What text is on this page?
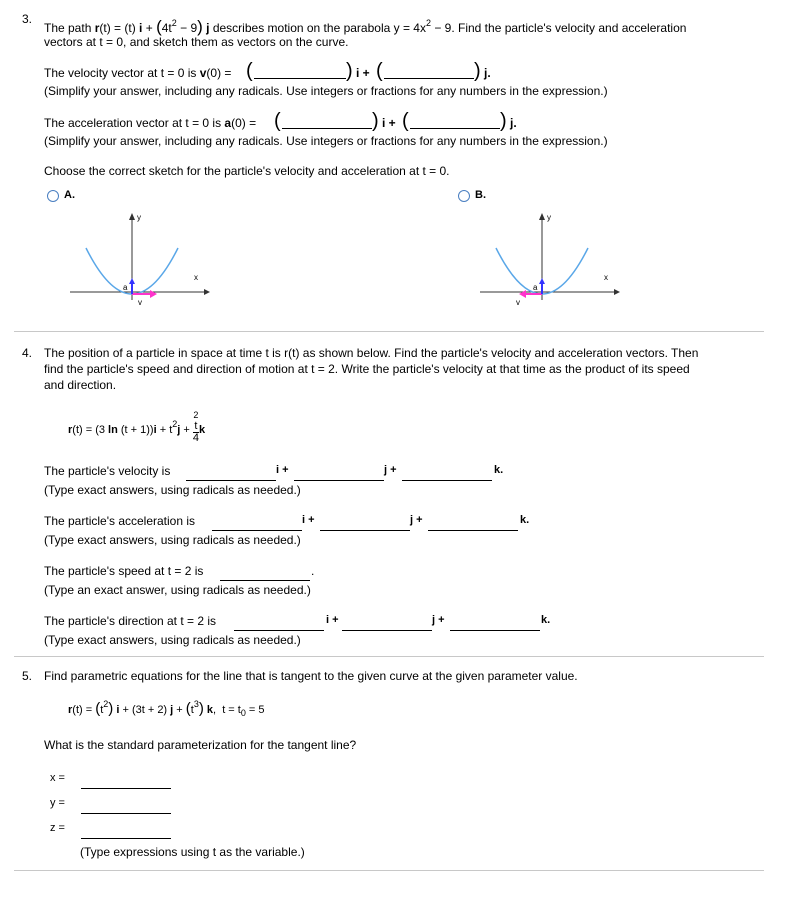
3.
The path r(t) = (t) $i + (4t^2 - 9)$ j describes motion on the parabola $y = 4x^2 - 9$. Find the particle's velocity and acceleration
vectors at t = 0, and sketch them as vectors on the curve.
The velocity vector at t = 0 is v(0) = (	) i + (	) j.
(Simplify your answer, including any radicals. Use integers or fractions for any numbers in the expression.)
The acceleration vector at t = 0 is a(0) = (	) i + (	) j.
(Simplify your answer, including any radicals. Use integers or fractions for any numbers in the expression.)
Choose the correct sketch for the particle's velocity and acceleration at t = 0.
A.	B.
y
x
a
v
y
x
a
v
4. The position of a particle in space at time t is r(t) as shown below. Find the particle's velocity and acceleration vectors. Then
find the particle's speed and direction of motion at t = 2. Write the particle's velocity at that time as the product of its speed
and direction.
r(t) = (3 $\ln (t + 1))i + t^2j$ +
2
t
4
k
The particle's velocity is	i +	j +	k.
(Type exact answers, using radicals as needed.)
The particle's acceleration is	i +	j +	k.
(Type exact answers, using radicals as needed.)
The particle's speed at t = 2 is	.
(Type an exact answer, using radicals as needed.)
The particle's direction at t = 2 is	i +	j +	k.
(Type exact answers, using radicals as needed.)
5. Find parametric equations for the line that is tangent to the given curve at the given parameter value.
$r(t) = (t^2) i + (3t + 2) j + (t^3)$ k,  $t = t_0 = 5$
What is the standard parameterization for the tangent line?
x =
y =
z =
(Type expressions using t as the variable.)
